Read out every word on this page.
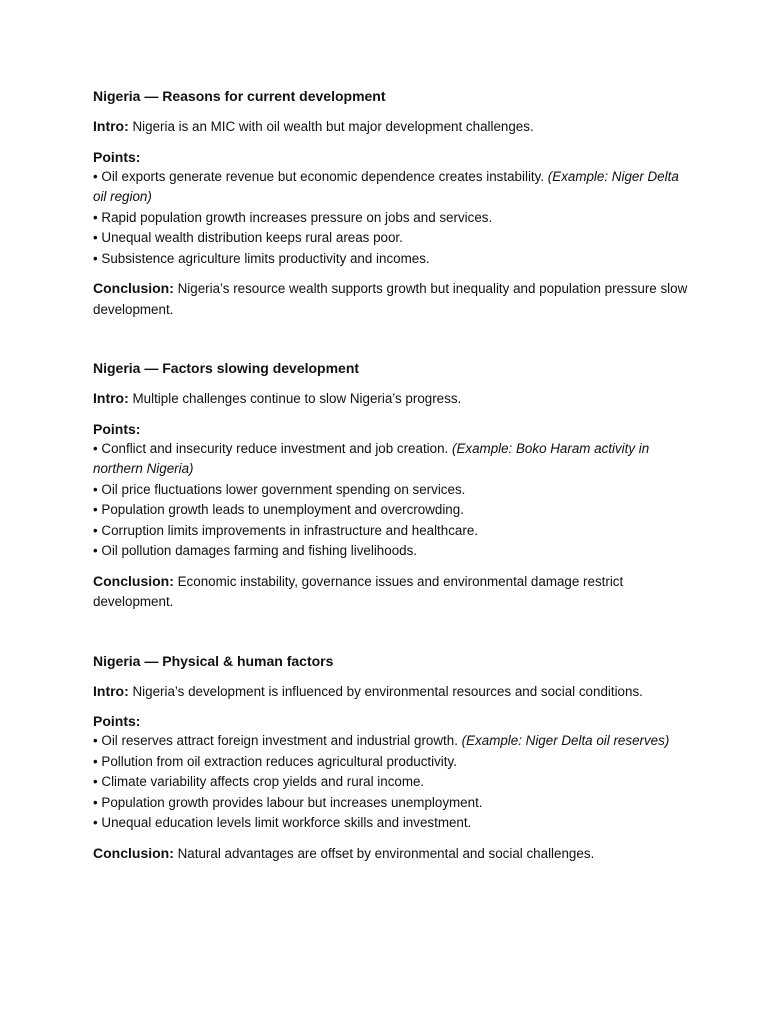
Nigeria — Reasons for current development

Intro: Nigeria is an MIC with oil wealth but major development challenges.

Points:
• Oil exports generate revenue but economic dependence creates instability. (Example: Niger Delta oil region)
• Rapid population growth increases pressure on jobs and services.
• Unequal wealth distribution keeps rural areas poor.
• Subsistence agriculture limits productivity and incomes.

Conclusion: Nigeria’s resource wealth supports growth but inequality and population pressure slow development.

Nigeria — Factors slowing development

Intro: Multiple challenges continue to slow Nigeria’s progress.

Points:
• Conflict and insecurity reduce investment and job creation. (Example: Boko Haram activity in northern Nigeria)
• Oil price fluctuations lower government spending on services.
• Population growth leads to unemployment and overcrowding.
• Corruption limits improvements in infrastructure and healthcare.
• Oil pollution damages farming and fishing livelihoods.

Conclusion: Economic instability, governance issues and environmental damage restrict development.

Nigeria — Physical & human factors

Intro: Nigeria’s development is influenced by environmental resources and social conditions.

Points:
• Oil reserves attract foreign investment and industrial growth. (Example: Niger Delta oil reserves)
• Pollution from oil extraction reduces agricultural productivity.
• Climate variability affects crop yields and rural income.
• Population growth provides labour but increases unemployment.
• Unequal education levels limit workforce skills and investment.

Conclusion: Natural advantages are offset by environmental and social challenges.
